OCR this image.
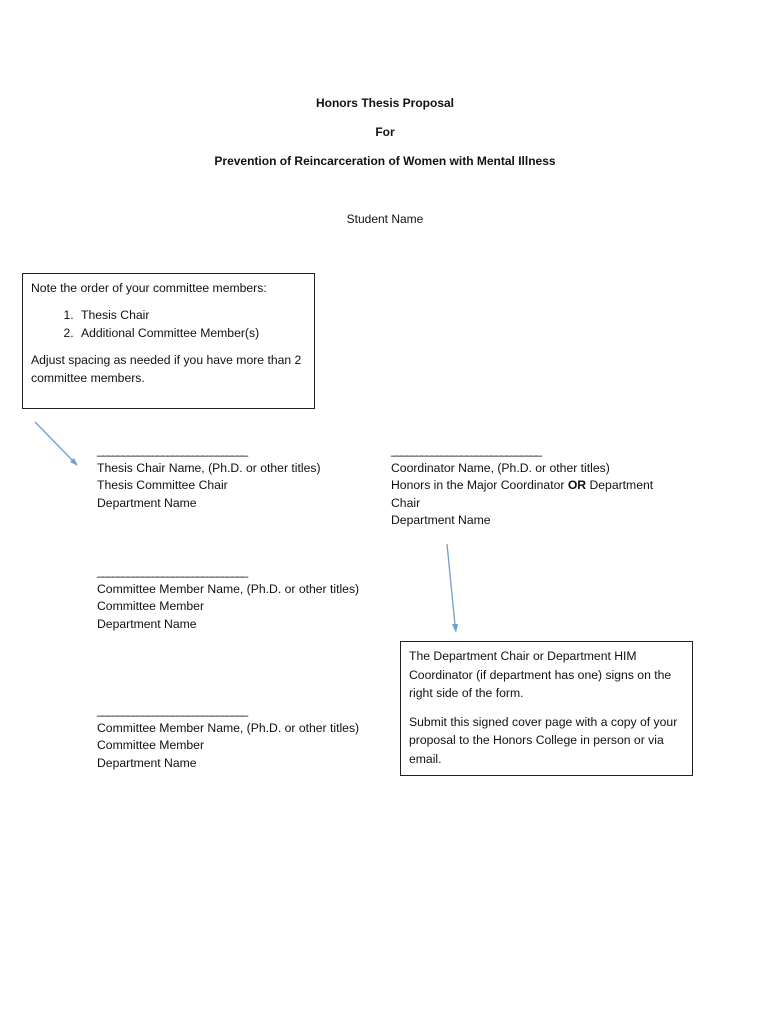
Honors Thesis Proposal
For
Prevention of Reincarceration of Women with Mental Illness
Student Name

Note the order of your committee members:

1. Thesis Chair
2. Additional Committee Member(s)

Adjust spacing as needed if you have more than 2 committee members.

______________________________
Thesis Chair Name, (Ph.D. or other titles)
Thesis Committee Chair
Department Name
______________________________
Coordinator Name, (Ph.D. or other titles)
Honors in the Major Coordinator OR Department
Chair
Department Name
______________________________
Committee Member Name, (Ph.D. or other titles)
Committee Member
Department Name
______________________________
Committee Member Name, (Ph.D. or other titles)
Committee Member
Department Name

The Department Chair or Department HIM Coordinator (if department has one) signs on the right side of the form.

Submit this signed cover page with a copy of your proposal to the Honors College in person or via email.
